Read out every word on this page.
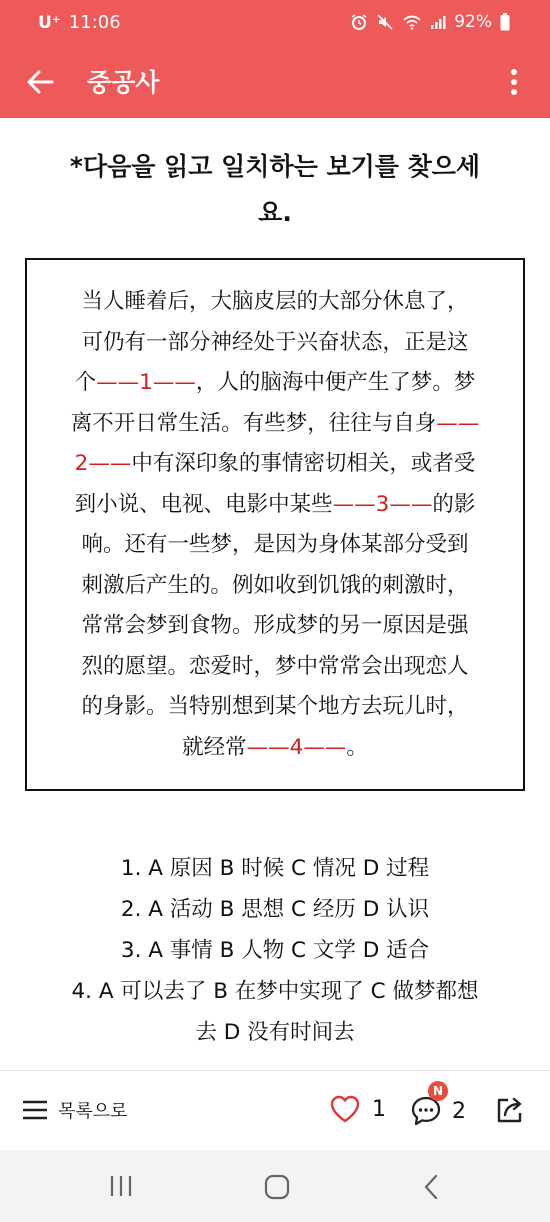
U⁺ 11:06	92%
중공사
*다음을 읽고 일치하는 보기를 찾으세
요.
当人睡着后，大脑皮层的大部分休息了，
可仍有一部分神经处于兴奋状态，正是这
个——1——，人的脑海中便产生了梦。梦
离不开日常生活。有些梦，往往与自身——
2——中有深印象的事情密切相关，或者受
到小说、电视、电影中某些——3——的影
响。还有一些梦，是因为身体某部分受到
刺激后产生的。例如收到饥饿的刺激时，
常常会梦到食物。形成梦的另一原因是强
烈的愿望。恋爱时，梦中常常会出现恋人
的身影。当特别想到某个地方去玩儿时，
就经常——4——。
1. A 原因 B 时候 C 情况 D 过程
2. A 活动 B 思想 C 经历 D 认识
3. A 事情 B 人物 C 文学 D 适合
4. A 可以去了 B 在梦中实现了 C 做梦都想
去 D 没有时间去
목록으로	1
N
2
